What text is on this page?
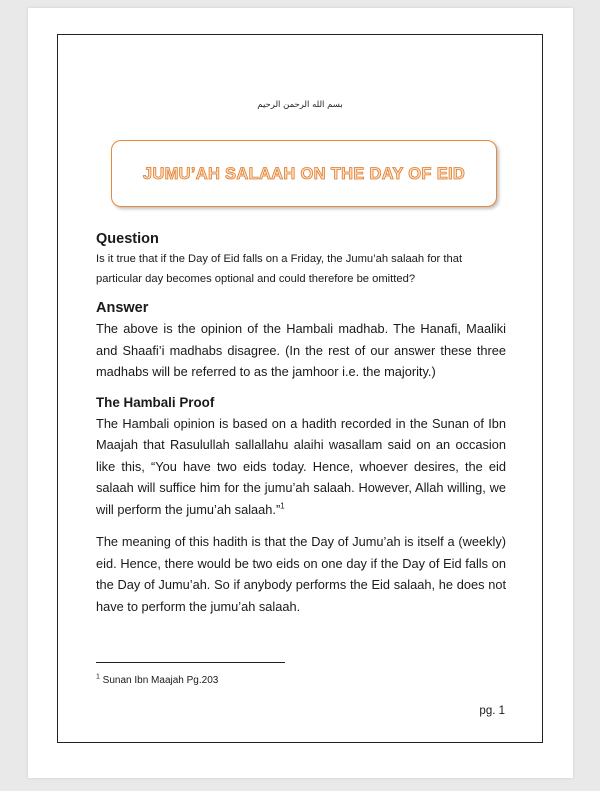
بسم الله الرحمن الرحيم
JUMU’AH SALAAH ON THE DAY OF EID

Question

Is it true that if the Day of Eid falls on a Friday, the Jumu’ah salaah for that particular day becomes optional and could therefore be omitted?

Answer

The above is the opinion of the Hambali madhab. The Hanafi, Maaliki and Shaafi’i madhabs disagree. (In the rest of our answer these three madhabs will be referred to as the jamhoor i.e. the majority.)

The Hambali Proof

The Hambali opinion is based on a hadith recorded in the Sunan of Ibn Maajah that Rasulullah sallallahu alaihi wasallam said on an occasion like this, “You have two eids today. Hence, whoever desires, the eid salaah will suffice him for the jumu’ah salaah. However, Allah willing, we will perform the jumu’ah salaah.”$^1$

The meaning of this hadith is that the Day of Jumu’ah is itself a (weekly) eid. Hence, there would be two eids on one day if the Day of Eid falls on the Day of Jumu’ah. So if anybody performs the Eid salaah, he does not have to perform the jumu’ah salaah.

$^1$ Sunan Ibn Maajah Pg.203
pg. 1
